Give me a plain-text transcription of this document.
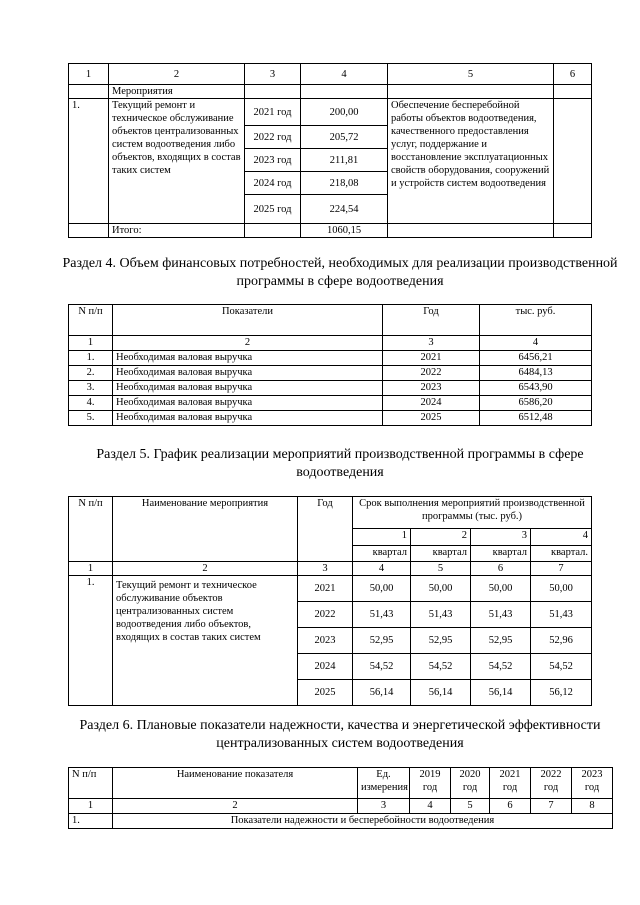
1	2	3	4	5	6
	Мероприятия				
1.	Текущий ремонт и техническое обслуживание объектов централизованных систем водоотведения либо объектов, входящих в состав таких систем	2021 год	200,00	Обеспечение бесперебойной работы объектов водоотведения, качественного предоставления услуг, поддержание и восстановление эксплуатационных свойств оборудования, сооружений и устройств систем водоотведения	
		2022 год	205,72		
		2023 год	211,81		
		2024 год	218,08		
		2025 год	224,54		
	Итого:		1060,15		
Раздел 4. Объем финансовых потребностей, необходимых для реализации производственной программы в сфере водоотведения
N п/п	Показатели	Год	тыс. руб.
1	2	3	4
1.	Необходимая валовая выручка	2021	6456,21
2.	Необходимая валовая выручка	2022	6484,13
3.	Необходимая валовая выручка	2023	6543,90
4.	Необходимая валовая выручка	2024	6586,20
5.	Необходимая валовая выручка	2025	6512,48
Раздел 5. График реализации мероприятий производственной программы в сфере водоотведения
N п/п	Наименование мероприятия	Год	Срок выполнения мероприятий производственной программы (тыс. руб.)			
			1	2	3	4
			квартал	квартал	квартал	квартал.
1	2	3	4	5	6	7
1.	Текущий ремонт и техническое обслуживание объектов централизованных систем водоотведения либо объектов, входящих в состав таких систем	2021	50,00	50,00	50,00	50,00
		2022	51,43	51,43	51,43	51,43
		2023	52,95	52,95	52,95	52,96
		2024	54,52	54,52	54,52	54,52
		2025	56,14	56,14	56,14	56,12
Раздел 6. Плановые показатели надежности, качества и энергетической эффективности централизованных систем водоотведения
N п/п	Наименование показателя	Ед. измерения	2019 год	2020 год	2021 год	2022 год	2023 год
1	2	3	4	5	6	7	8
1.	Показатели надежности и бесперебойности водоотведения						
